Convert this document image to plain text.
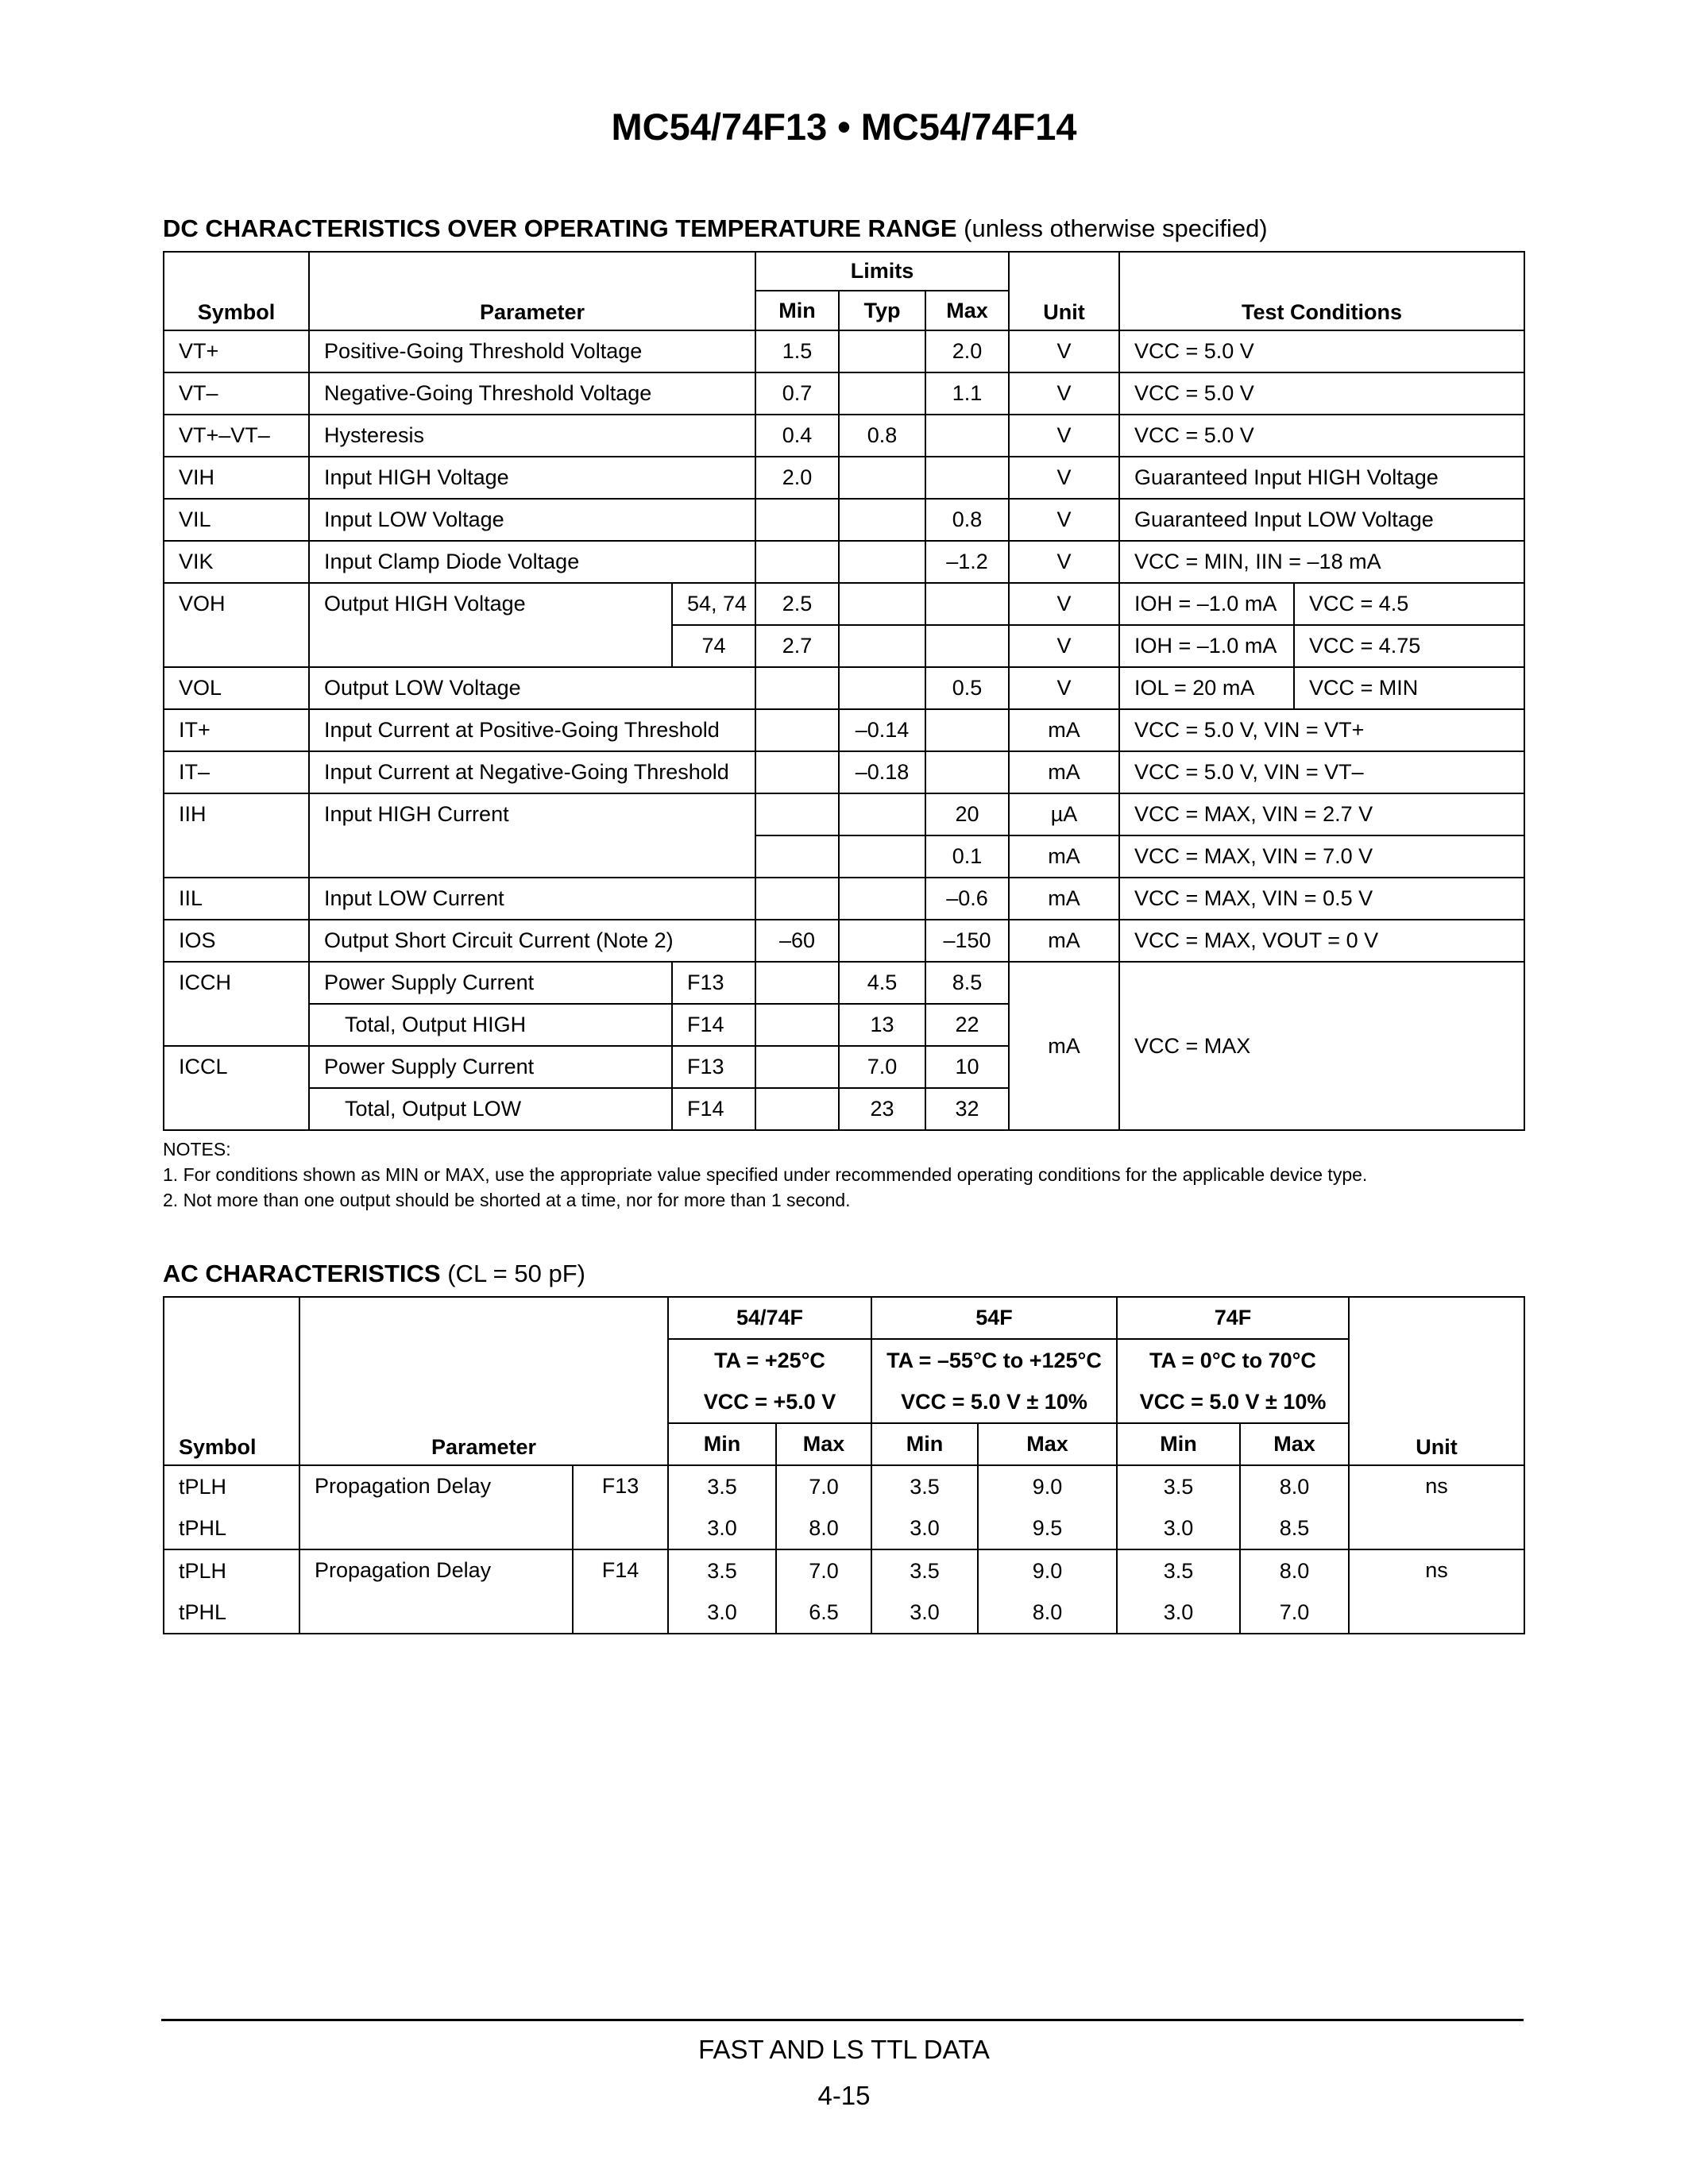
MC54/74F13 • MC54/74F14
DC CHARACTERISTICS OVER OPERATING TEMPERATURE RANGE (unless otherwise specified)
Symbol	Parameter		Limits			Unit	Test Conditions	
			Min	Typ	Max			
VT+	Positive-Going Threshold Voltage		1.5		2.0	V	VCC = 5.0 V	
VT–	Negative-Going Threshold Voltage		0.7		1.1	V	VCC = 5.0 V	
VT+–VT–	Hysteresis		0.4	0.8		V	VCC = 5.0 V	
VIH	Input HIGH Voltage		2.0			V	Guaranteed Input HIGH Voltage	
VIL	Input LOW Voltage				0.8	V	Guaranteed Input LOW Voltage	
VIK	Input Clamp Diode Voltage				–1.2	V	VCC = MIN, IIN = –18 mA	
VOH	Output HIGH Voltage	54, 74	2.5			V	IOH = –1.0 mA	VCC = 4.5
		74	2.7			V	IOH = –1.0 mA	VCC = 4.75
VOL	Output LOW Voltage				0.5	V	IOL = 20 mA	VCC = MIN
IT+	Input Current at Positive-Going Threshold			–0.14		mA	VCC = 5.0 V, VIN = VT+	
IT–	Input Current at Negative-Going Threshold			–0.18		mA	VCC = 5.0 V, VIN = VT–	
IIH	Input HIGH Current				20	µA	VCC = MAX, VIN = 2.7 V	
					0.1	mA	VCC = MAX, VIN = 7.0 V	
IIL	Input LOW Current				–0.6	mA	VCC = MAX, VIN = 0.5 V	
IOS	Output Short Circuit Current (Note 2)		–60		–150	mA	VCC = MAX, VOUT = 0 V	
ICCH	Power Supply Current	F13		4.5	8.5	mA	VCC = MAX	
	Total, Output HIGH	F14		13	22			
ICCL	Power Supply Current	F13		7.0	10			
	Total, Output LOW	F14		23	32			
NOTES:
1. For conditions shown as MIN or MAX, use the appropriate value specified under recommended operating conditions for the applicable device type.
2. Not more than one output should be shorted at a time, nor for more than 1 second.
AC CHARACTERISTICS (CL = 50 pF)
Symbol	Parameter		54/74F		54F		74F		Unit
			TA = +25°C		TA = –55°C to +125°C		TA = 0°C to 70°C		
			VCC = +5.0 V		VCC = 5.0 V ± 10%		VCC = 5.0 V ± 10%		
			Min	Max	Min	Max	Min	Max	
tPLH	Propagation Delay	F13	3.5	7.0	3.5	9.0	3.5	8.0	ns
tPHL			3.0	8.0	3.0	9.5	3.0	8.5	
tPLH	Propagation Delay	F14	3.5	7.0	3.5	9.0	3.5	8.0	ns
tPHL			3.0	6.5	3.0	8.0	3.0	7.0	
FAST AND LS TTL DATA
4-15
